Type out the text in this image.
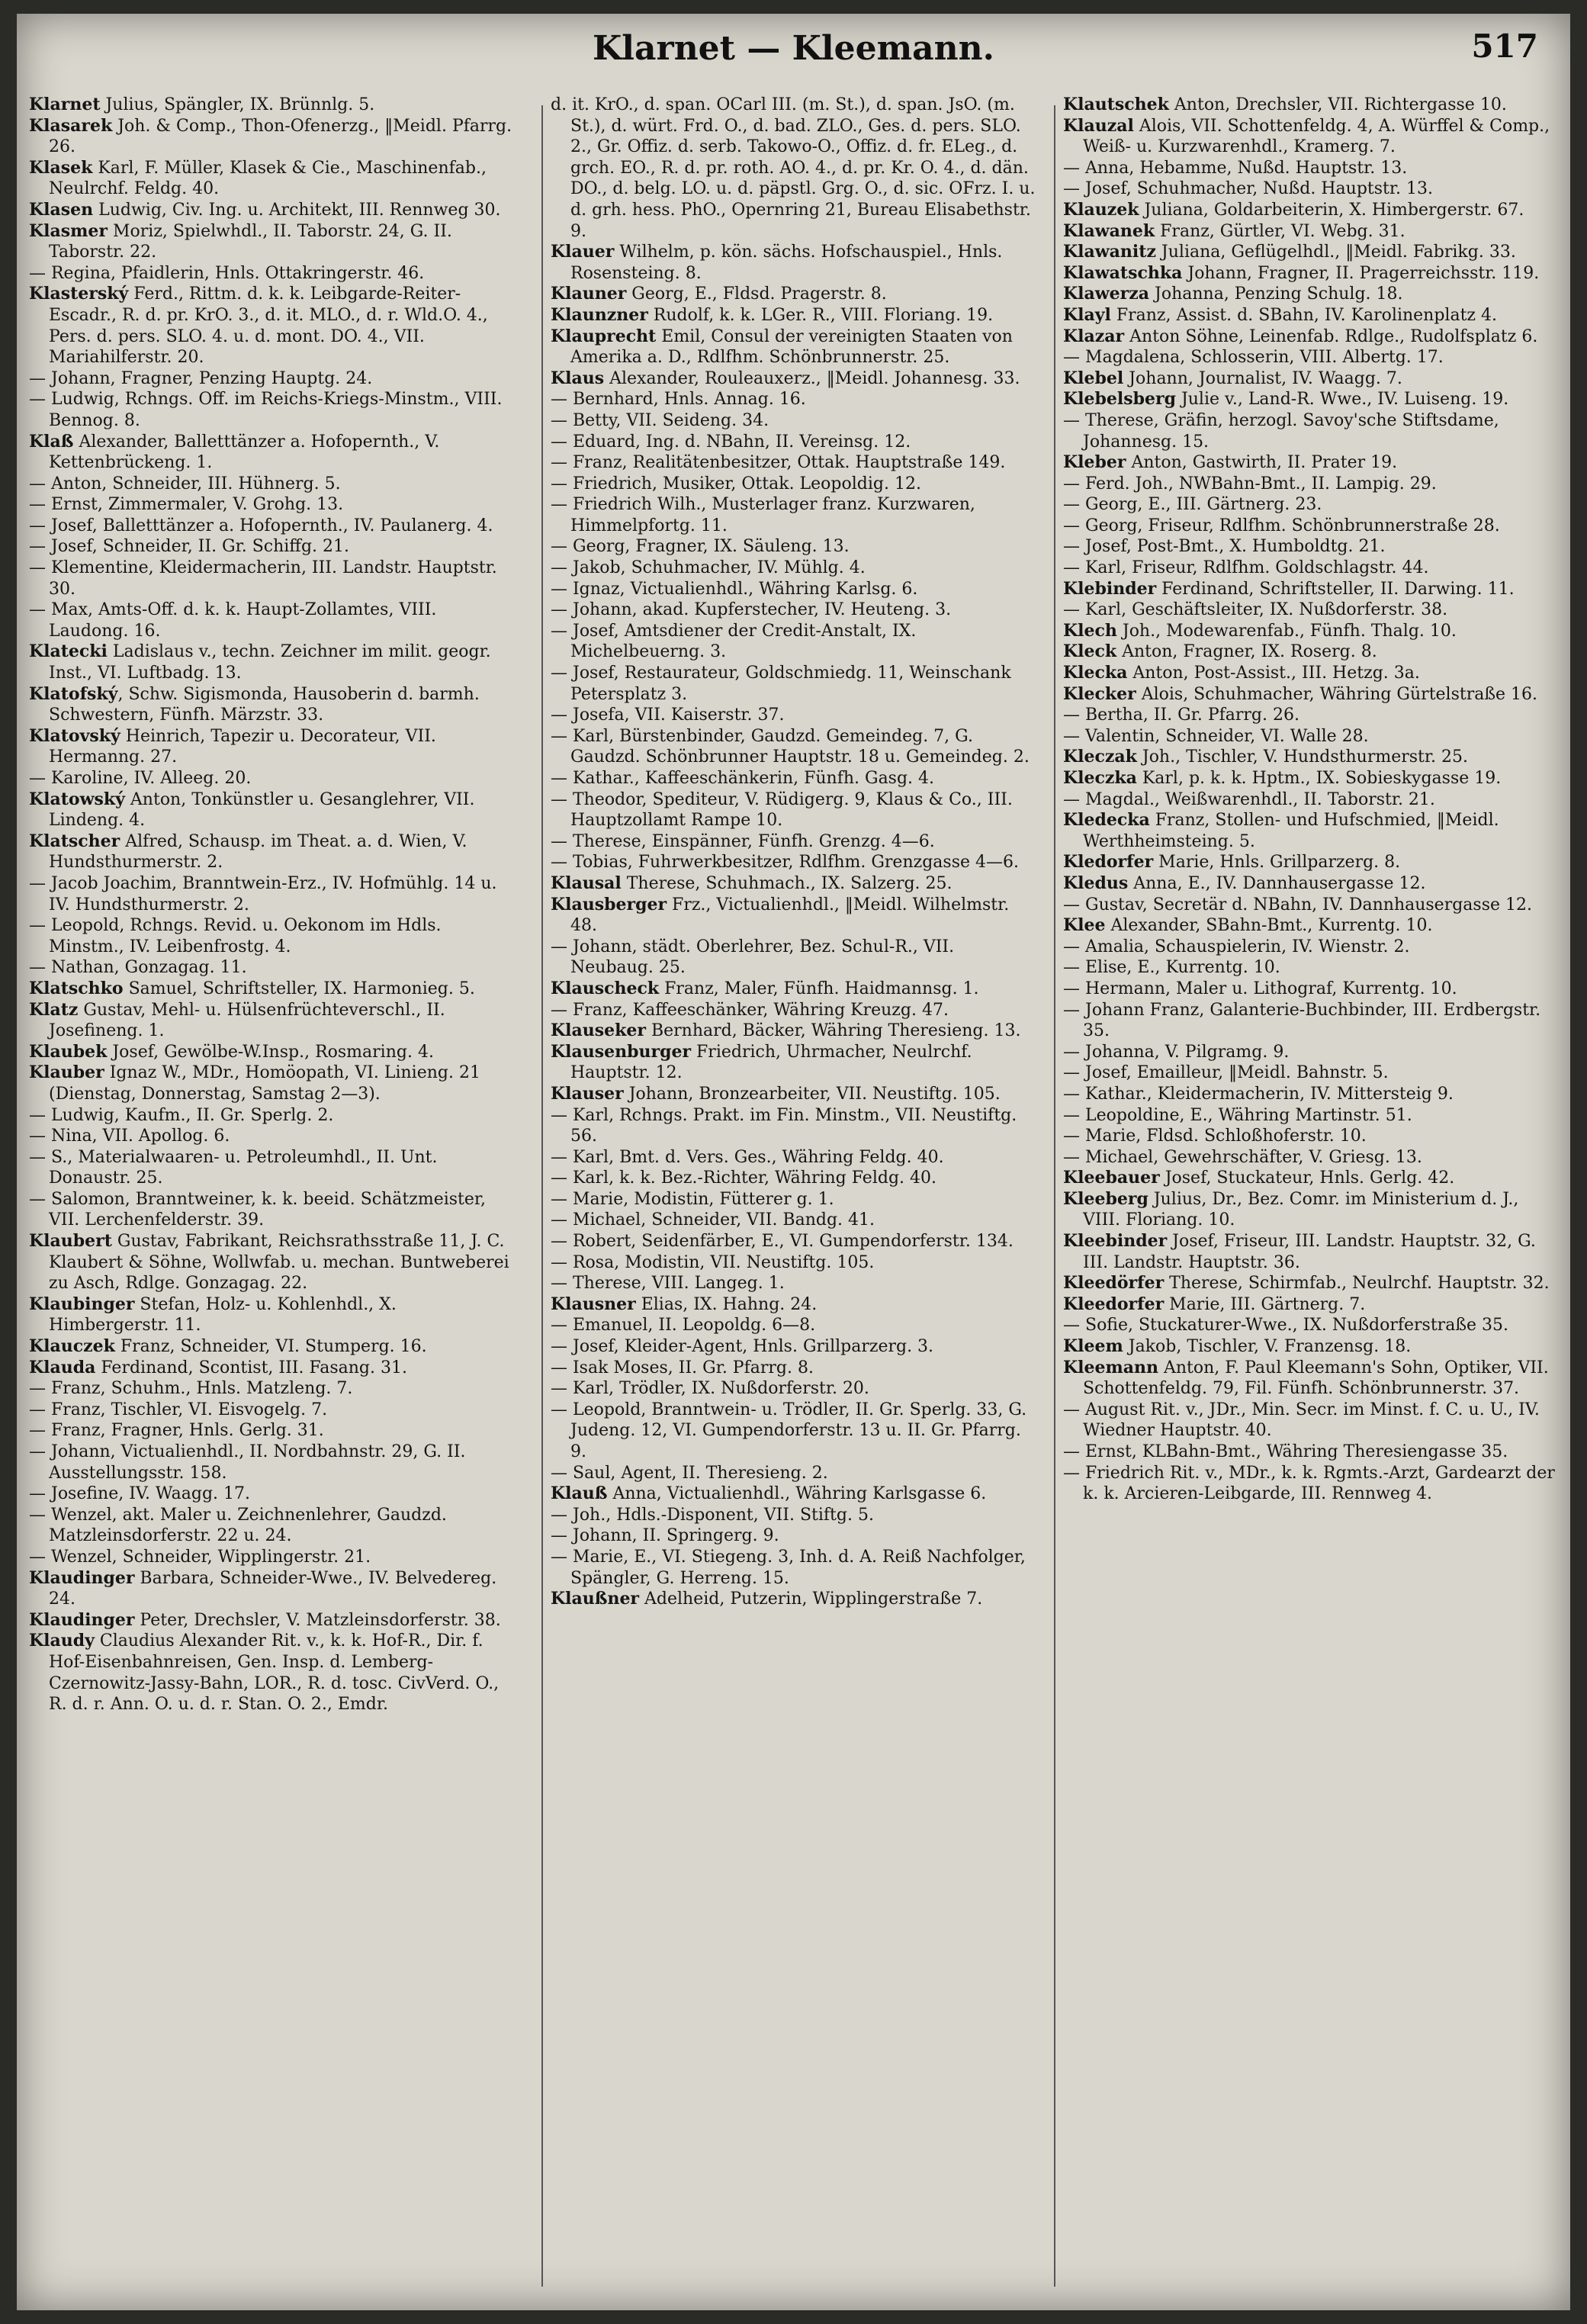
Klarnet — Kleemann.	517
Klarnet Julius, Spängler, IX. Brünnlg. 5.
Klasarek Joh. & Comp., Thon-Ofenerzg., ‖Meidl. Pfarrg. 26.
Klasek Karl, F. Müller, Klasek & Cie., Maschinenfab., Neulrchf. Feldg. 40.
Klasen Ludwig, Civ. Ing. u. Architekt, III. Rennweg 30.
Klasmer Moriz, Spielwhdl., II. Taborstr. 24, G. II. Taborstr. 22.
— Regina, Pfaidlerin, Hnls. Ottakringerstr. 46.
Klasterský Ferd., Rittm. d. k. k. Leibgarde-Reiter-Escadr., R. d. pr. KrO. 3., d. it. MLO., d. r. Wld.O. 4., Pers. d. pers. SLO. 4. u. d. mont. DO. 4., VII. Mariahilferstr. 20.
— Johann, Fragner, Penzing Hauptg. 24.
— Ludwig, Rchngs. Off. im Reichs-Kriegs-Minstm., VIII. Bennog. 8.
Klaß Alexander, Balletttänzer a. Hofopernth., V. Kettenbrückeng. 1.
— Anton, Schneider, III. Hühnerg. 5.
— Ernst, Zimmermaler, V. Grohg. 13.
— Josef, Balletttänzer a. Hofopernth., IV. Paulanerg. 4.
— Josef, Schneider, II. Gr. Schiffg. 21.
— Klementine, Kleidermacherin, III. Landstr. Hauptstr. 30.
— Max, Amts-Off. d. k. k. Haupt-Zollamtes, VIII. Laudong. 16.
Klatecki Ladislaus v., techn. Zeichner im milit. geogr. Inst., VI. Luftbadg. 13.
Klatofský, Schw. Sigismonda, Hausoberin d. barmh. Schwestern, Fünfh. Märzstr. 33.
Klatovský Heinrich, Tapezir u. Decorateur, VII. Hermanng. 27.
— Karoline, IV. Alleeg. 20.
Klatowský Anton, Tonkünstler u. Gesanglehrer, VII. Lindeng. 4.
Klatscher Alfred, Schausp. im Theat. a. d. Wien, V. Hundsthurmerstr. 2.
— Jacob Joachim, Branntwein-Erz., IV. Hofmühlg. 14 u. IV. Hundsthurmerstr. 2.
— Leopold, Rchngs. Revid. u. Oekonom im Hdls. Minstm., IV. Leibenfrostg. 4.
— Nathan, Gonzagag. 11.
Klatschko Samuel, Schriftsteller, IX. Harmonieg. 5.
Klatz Gustav, Mehl- u. Hülsenfrüchteverschl., II. Josefineng. 1.
Klaubek Josef, Gewölbe-W.Insp., Rosmaring. 4.
Klauber Ignaz W., MDr., Homöopath, VI. Linieng. 21 (Dienstag, Donnerstag, Samstag 2—3).
— Ludwig, Kaufm., II. Gr. Sperlg. 2.
— Nina, VII. Apollog. 6.
— S., Materialwaaren- u. Petroleumhdl., II. Unt. Donaustr. 25.
— Salomon, Branntweiner, k. k. beeid. Schätzmeister, VII. Lerchenfelderstr. 39.
Klaubert Gustav, Fabrikant, Reichsrathsstraße 11, J. C. Klaubert & Söhne, Wollwfab. u. mechan. Buntweberei zu Asch, Rdlge. Gonzagag. 22.
Klaubinger Stefan, Holz- u. Kohlenhdl., X. Himbergerstr. 11.
Klauczek Franz, Schneider, VI. Stumperg. 16.
Klauda Ferdinand, Scontist, III. Fasang. 31.
— Franz, Schuhm., Hnls. Matzleng. 7.
— Franz, Tischler, VI. Eisvogelg. 7.
— Franz, Fragner, Hnls. Gerlg. 31.
— Johann, Victualienhdl., II. Nordbahnstr. 29, G. II. Ausstellungsstr. 158.
— Josefine, IV. Waagg. 17.
— Wenzel, akt. Maler u. Zeichnenlehrer, Gaudzd. Matzleinsdorferstr. 22 u. 24.
— Wenzel, Schneider, Wipplingerstr. 21.
Klaudinger Barbara, Schneider-Wwe., IV. Belvedereg. 24.
Klaudinger Peter, Drechsler, V. Matzleinsdorferstr. 38.
Klaudy Claudius Alexander Rit. v., k. k. Hof-R., Dir. f. Hof-Eisenbahnreisen, Gen. Insp. d. Lemberg-Czernowitz-Jassy-Bahn, LOR., R. d. tosc. CivVerd. O., R. d. r. Ann. O. u. d. r. Stan. O. 2., Emdr.
d. it. KrO., d. span. OCarl III. (m. St.), d. span. JsO. (m. St.), d. würt. Frd. O., d. bad. ZLO., Ges. d. pers. SLO. 2., Gr. Offiz. d. serb. Takowo-O., Offiz. d. fr. ELeg., d. grch. EO., R. d. pr. roth. AO. 4., d. pr. Kr. O. 4., d. dän. DO., d. belg. LO. u. d. päpstl. Grg. O., d. sic. OFrz. I. u. d. grh. hess. PhO., Opernring 21, Bureau Elisabethstr. 9.
Klauer Wilhelm, p. kön. sächs. Hofschauspiel., Hnls. Rosensteing. 8.
Klauner Georg, E., Fldsd. Pragerstr. 8.
Klaunzner Rudolf, k. k. LGer. R., VIII. Floriang. 19.
Klauprecht Emil, Consul der vereinigten Staaten von Amerika a. D., Rdlfhm. Schönbrunnerstr. 25.
Klaus Alexander, Rouleauxerz., ‖Meidl. Johannesg. 33.
— Bernhard, Hnls. Annag. 16.
— Betty, VII. Seideng. 34.
— Eduard, Ing. d. NBahn, II. Vereinsg. 12.
— Franz, Realitätenbesitzer, Ottak. Hauptstraße 149.
— Friedrich, Musiker, Ottak. Leopoldig. 12.
— Friedrich Wilh., Musterlager franz. Kurzwaren, Himmelpfortg. 11.
— Georg, Fragner, IX. Säuleng. 13.
— Jakob, Schuhmacher, IV. Mühlg. 4.
— Ignaz, Victualienhdl., Währing Karlsg. 6.
— Johann, akad. Kupferstecher, IV. Heuteng. 3.
— Josef, Amtsdiener der Credit-Anstalt, IX. Michelbeuerng. 3.
— Josef, Restaurateur, Goldschmiedg. 11, Weinschank Petersplatz 3.
— Josefa, VII. Kaiserstr. 37.
— Karl, Bürstenbinder, Gaudzd. Gemeindeg. 7, G. Gaudzd. Schönbrunner Hauptstr. 18 u. Gemeindeg. 2.
— Kathar., Kaffeeschänkerin, Fünfh. Gasg. 4.
— Theodor, Spediteur, V. Rüdigerg. 9, Klaus & Co., III. Hauptzollamt Rampe 10.
— Therese, Einspänner, Fünfh. Grenzg. 4—6.
— Tobias, Fuhrwerkbesitzer, Rdlfhm. Grenzgasse 4—6.
Klausal Therese, Schuhmach., IX. Salzerg. 25.
Klausberger Frz., Victualienhdl., ‖Meidl. Wilhelmstr. 48.
— Johann, städt. Oberlehrer, Bez. Schul-R., VII. Neubaug. 25.
Klauscheck Franz, Maler, Fünfh. Haidmannsg. 1.
— Franz, Kaffeeschänker, Währing Kreuzg. 47.
Klauseker Bernhard, Bäcker, Währing Theresieng. 13.
Klausenburger Friedrich, Uhrmacher, Neulrchf. Hauptstr. 12.
Klauser Johann, Bronzearbeiter, VII. Neustiftg. 105.
— Karl, Rchngs. Prakt. im Fin. Minstm., VII. Neustiftg. 56.
— Karl, Bmt. d. Vers. Ges., Währing Feldg. 40.
— Karl, k. k. Bez.-Richter, Währing Feldg. 40.
— Marie, Modistin, Fütterer g. 1.
— Michael, Schneider, VII. Bandg. 41.
— Robert, Seidenfärber, E., VI. Gumpendorferstr. 134.
— Rosa, Modistin, VII. Neustiftg. 105.
— Therese, VIII. Langeg. 1.
Klausner Elias, IX. Hahng. 24.
— Emanuel, II. Leopoldg. 6—8.
— Josef, Kleider-Agent, Hnls. Grillparzerg. 3.
— Isak Moses, II. Gr. Pfarrg. 8.
— Karl, Trödler, IX. Nußdorferstr. 20.
— Leopold, Branntwein- u. Trödler, II. Gr. Sperlg. 33, G. Judeng. 12, VI. Gumpendorferstr. 13 u. II. Gr. Pfarrg. 9.
— Saul, Agent, II. Theresieng. 2.
Klauß Anna, Victualienhdl., Währing Karlsgasse 6.
— Joh., Hdls.-Disponent, VII. Stiftg. 5.
— Johann, II. Springerg. 9.
— Marie, E., VI. Stiegeng. 3, Inh. d. A. Reiß Nachfolger, Spängler, G. Herreng. 15.
Klaußner Adelheid, Putzerin, Wipplingerstraße 7.
Klautschek Anton, Drechsler, VII. Richtergasse 10.
Klauzal Alois, VII. Schottenfeldg. 4, A. Würffel & Comp., Weiß- u. Kurzwarenhdl., Kramerg. 7.
— Anna, Hebamme, Nußd. Hauptstr. 13.
— Josef, Schuhmacher, Nußd. Hauptstr. 13.
Klauzek Juliana, Goldarbeiterin, X. Himbergerstr. 67.
Klawanek Franz, Gürtler, VI. Webg. 31.
Klawanitz Juliana, Geflügelhdl., ‖Meidl. Fabrikg. 33.
Klawatschka Johann, Fragner, II. Pragerreichsstr. 119.
Klawerza Johanna, Penzing Schulg. 18.
Klayl Franz, Assist. d. SBahn, IV. Karolinenplatz 4.
Klazar Anton Söhne, Leinenfab. Rdlge., Rudolfsplatz 6.
— Magdalena, Schlosserin, VIII. Albertg. 17.
Klebel Johann, Journalist, IV. Waagg. 7.
Klebelsberg Julie v., Land-R. Wwe., IV. Luiseng. 19.
— Therese, Gräfin, herzogl. Savoy'sche Stiftsdame, Johannesg. 15.
Kleber Anton, Gastwirth, II. Prater 19.
— Ferd. Joh., NWBahn-Bmt., II. Lampig. 29.
— Georg, E., III. Gärtnerg. 23.
— Georg, Friseur, Rdlfhm. Schönbrunnerstraße 28.
— Josef, Post-Bmt., X. Humboldtg. 21.
— Karl, Friseur, Rdlfhm. Goldschlagstr. 44.
Klebinder Ferdinand, Schriftsteller, II. Darwing. 11.
— Karl, Geschäftsleiter, IX. Nußdorferstr. 38.
Klech Joh., Modewarenfab., Fünfh. Thalg. 10.
Kleck Anton, Fragner, IX. Roserg. 8.
Klecka Anton, Post-Assist., III. Hetzg. 3a.
Klecker Alois, Schuhmacher, Währing Gürtelstraße 16.
— Bertha, II. Gr. Pfarrg. 26.
— Valentin, Schneider, VI. Walle 28.
Kleczak Joh., Tischler, V. Hundsthurmerstr. 25.
Kleczka Karl, p. k. k. Hptm., IX. Sobieskygasse 19.
— Magdal., Weißwarenhdl., II. Taborstr. 21.
Kledecka Franz, Stollen- und Hufschmied, ‖Meidl. Werthheimsteing. 5.
Kledorfer Marie, Hnls. Grillparzerg. 8.
Kledus Anna, E., IV. Dannhausergasse 12.
— Gustav, Secretär d. NBahn, IV. Dannhausergasse 12.
Klee Alexander, SBahn-Bmt., Kurrentg. 10.
— Amalia, Schauspielerin, IV. Wienstr. 2.
— Elise, E., Kurrentg. 10.
— Hermann, Maler u. Lithograf, Kurrentg. 10.
— Johann Franz, Galanterie-Buchbinder, III. Erdbergstr. 35.
— Johanna, V. Pilgramg. 9.
— Josef, Emailleur, ‖Meidl. Bahnstr. 5.
— Kathar., Kleidermacherin, IV. Mittersteig 9.
— Leopoldine, E., Währing Martinstr. 51.
— Marie, Fldsd. Schloßhoferstr. 10.
— Michael, Gewehrschäfter, V. Griesg. 13.
Kleebauer Josef, Stuckateur, Hnls. Gerlg. 42.
Kleeberg Julius, Dr., Bez. Comr. im Ministerium d. J., VIII. Floriang. 10.
Kleebinder Josef, Friseur, III. Landstr. Hauptstr. 32, G. III. Landstr. Hauptstr. 36.
Kleedörfer Therese, Schirmfab., Neulrchf. Hauptstr. 32.
Kleedorfer Marie, III. Gärtnerg. 7.
— Sofie, Stuckaturer-Wwe., IX. Nußdorferstraße 35.
Kleem Jakob, Tischler, V. Franzensg. 18.
Kleemann Anton, F. Paul Kleemann's Sohn, Optiker, VII. Schottenfeldg. 79, Fil. Fünfh. Schönbrunnerstr. 37.
— August Rit. v., JDr., Min. Secr. im Minst. f. C. u. U., IV. Wiedner Hauptstr. 40.
— Ernst, KLBahn-Bmt., Währing Theresiengasse 35.
— Friedrich Rit. v., MDr., k. k. Rgmts.-Arzt, Gardearzt der k. k. Arcieren-Leibgarde, III. Rennweg 4.
